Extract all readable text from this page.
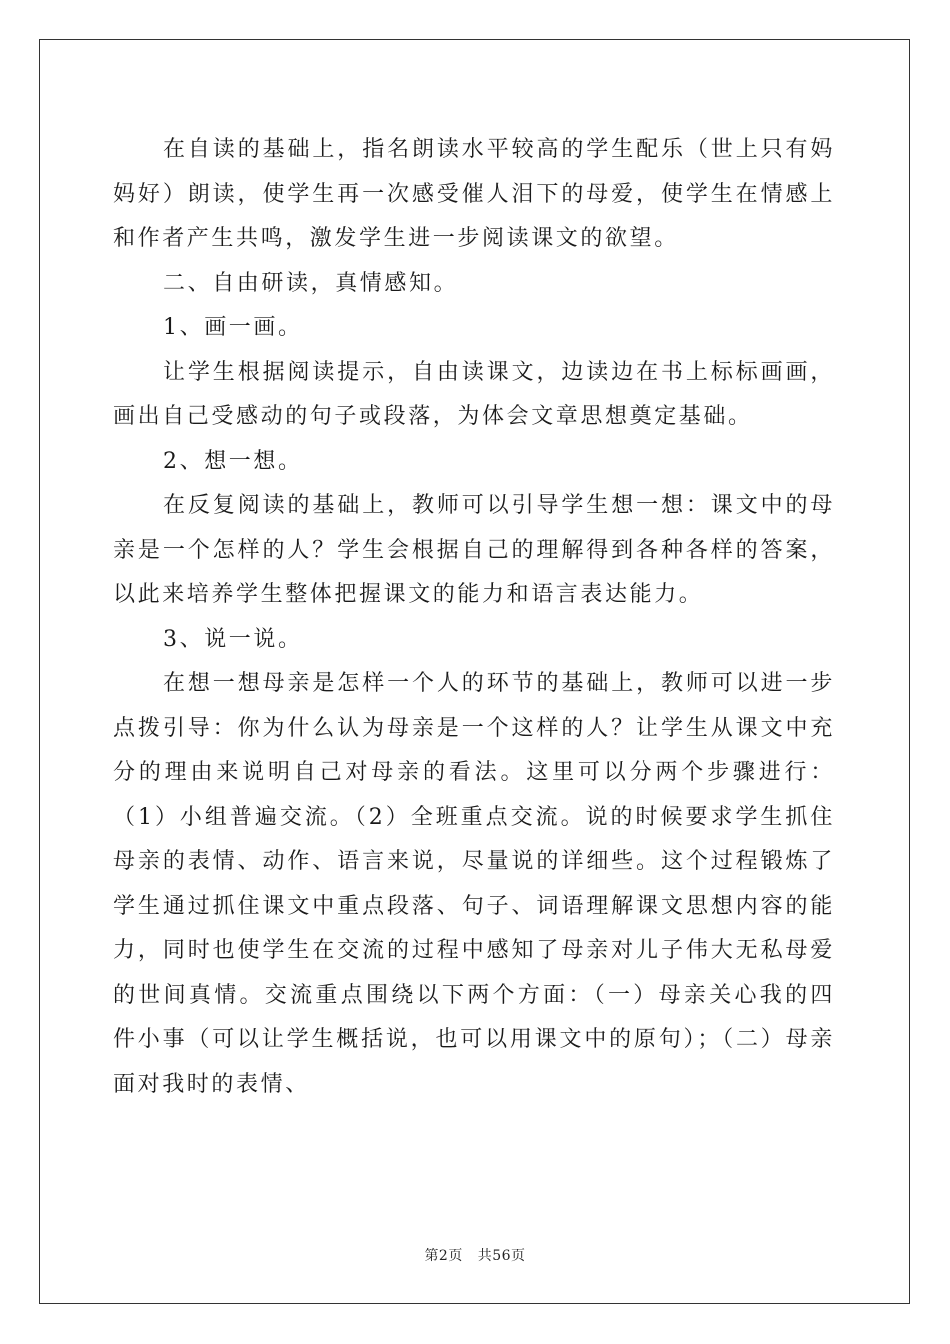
在自读的基础上，指名朗读水平较高的学生配乐（世上只有妈妈好）朗读，使学生再一次感受催人泪下的母爱，使学生在情感上和作者产生共鸣，激发学生进一步阅读课文的欲望。

二、自由研读，真情感知。

1、画一画。

让学生根据阅读提示，自由读课文，边读边在书上标标画画，画出自己受感动的句子或段落，为体会文章思想奠定基础。

2、想一想。

在反复阅读的基础上，教师可以引导学生想一想：课文中的母亲是一个怎样的人？学生会根据自己的理解得到各种各样的答案，以此来培养学生整体把握课文的能力和语言表达能力。

3、说一说。

在想一想母亲是怎样一个人的环节的基础上，教师可以进一步点拨引导：你为什么认为母亲是一个这样的人？让学生从课文中充分的理由来说明自己对母亲的看法。这里可以分两个步骤进行：（1）小组普遍交流。（2）全班重点交流。说的时候要求学生抓住母亲的表情、动作、语言来说，尽量说的详细些。这个过程锻炼了学生通过抓住课文中重点段落、句子、词语理解课文思想内容的能力，同时也使学生在交流的过程中感知了母亲对儿子伟大无私母爱的世间真情。交流重点围绕以下两个方面：（一）母亲关心我的四件小事（可以让学生概括说，也可以用课文中的原句）；（二）母亲面对我时的表情、

第2页 共56页
